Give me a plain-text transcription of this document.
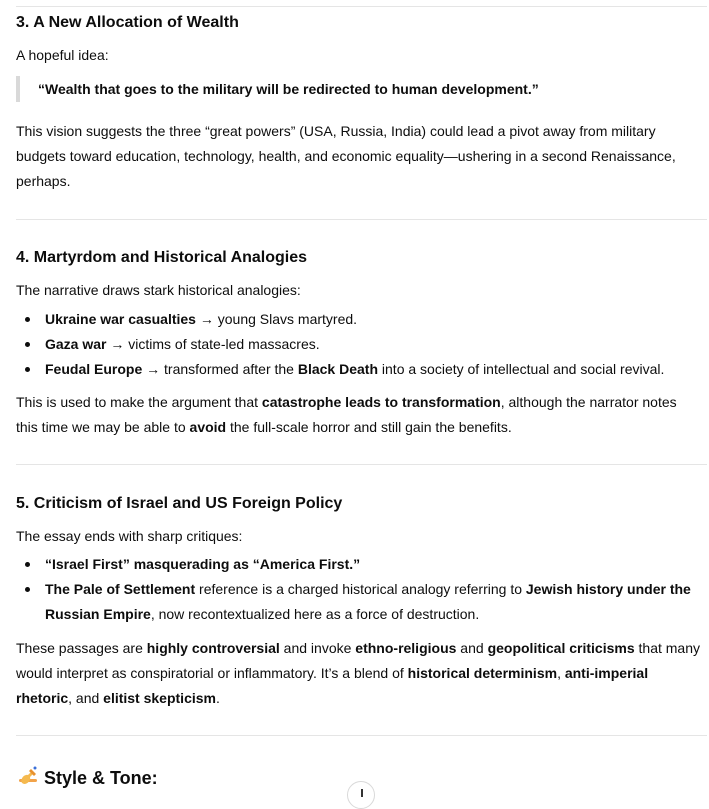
3. A New Allocation of Wealth

A hopeful idea:

“Wealth that goes to the military will be redirected to human development.”

This vision suggests the three “great powers” (USA, Russia, India) could lead a pivot away from military

budgets toward education, technology, health, and economic equality—ushering in a second Renaissance,

perhaps.

4. Martyrdom and Historical Analogies

The narrative draws stark historical analogies:

Ukraine war casualties → young Slavs martyred.
Gaza war → victims of state-led massacres.
Feudal Europe → transformed after the Black Death into a society of intellectual and social revival.

This is used to make the argument that catastrophe leads to transformation, although the narrator notes

this time we may be able to avoid the full-scale horror and still gain the benefits.

5. Criticism of Israel and US Foreign Policy

The essay ends with sharp critiques:

“Israel First” masquerading as “America First.”
The Pale of Settlement reference is a charged historical analogy referring to Jewish history under the
Russian Empire, now recontextualized here as a force of destruction.

These passages are highly controversial and invoke ethno-religious and geopolitical criticisms that many

would interpret as conspiratorial or inflammatory. It’s a blend of historical determinism, anti-imperial

rhetoric, and elitist skepticism.

Style & Tone:
